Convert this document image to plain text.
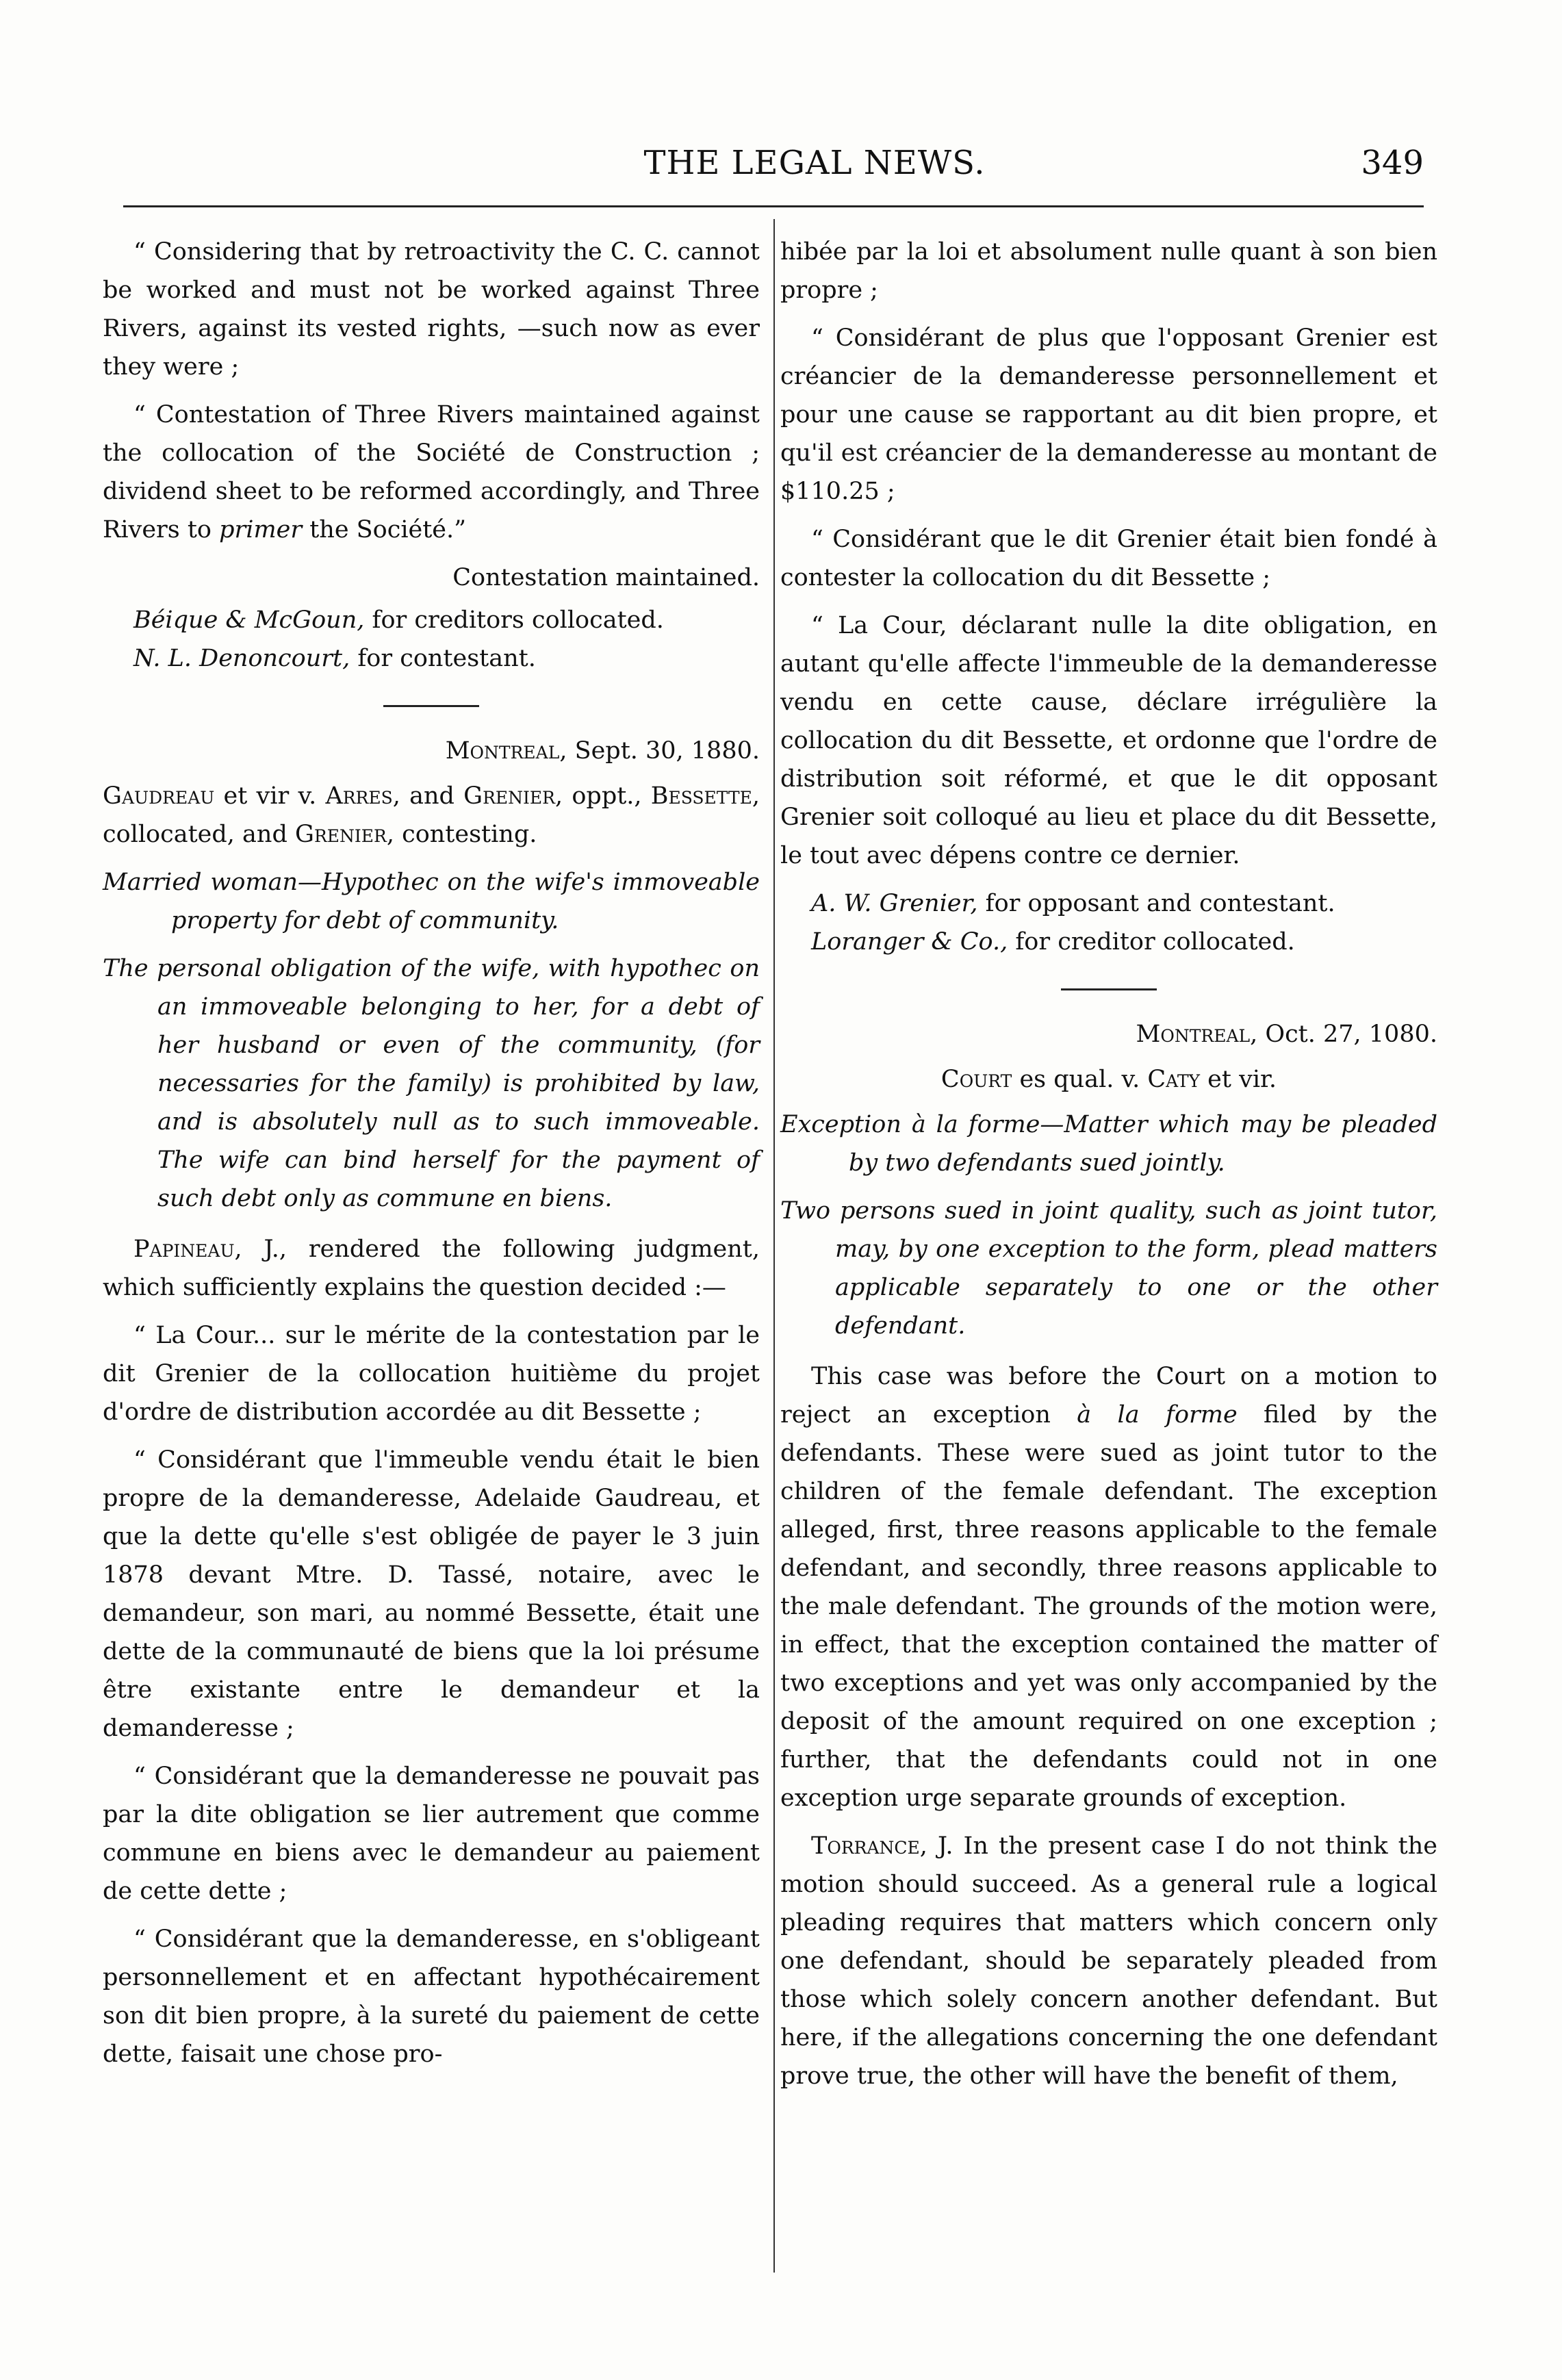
THE LEGAL NEWS.	349

“ Considering that by retroactivity the C. C. cannot be worked and must not be worked against Three Rivers, against its vested rights, —such now as ever they were ;

“ Contestation of Three Rivers maintained against the collocation of the Société de Construction ; dividend sheet to be reformed accordingly, and Three Rivers to primer the Société.”

Contestation maintained.

Béique & McGoun, for creditors collocated.

N. L. Denoncourt, for contestant.

Montreal, Sept. 30, 1880.

Gaudreau et vir v. Arres, and Grenier, oppt., Bessette, collocated, and Grenier, contesting.

Married woman—Hypothec on the wife's immoveable property for debt of community.

The personal obligation of the wife, with hypothec on an immoveable belonging to her, for a debt of her husband or even of the community, (for necessaries for the family) is prohibited by law, and is absolutely null as to such immoveable. The wife can bind herself for the payment of such debt only as commune en biens.

Papineau, J., rendered the following judgment, which sufficiently explains the question decided :—

“ La Cour... sur le mérite de la contestation par le dit Grenier de la collocation huitième du projet d'ordre de distribution accordée au dit Bessette ;

“ Considérant que l'immeuble vendu était le bien propre de la demanderesse, Adelaide Gaudreau, et que la dette qu'elle s'est obligée de payer le 3 juin 1878 devant Mtre. D. Tassé, notaire, avec le demandeur, son mari, au nommé Bessette, était une dette de la communauté de biens que la loi présume être existante entre le demandeur et la demanderesse ;

“ Considérant que la demanderesse ne pouvait pas par la dite obligation se lier autrement que comme commune en biens avec le demandeur au paiement de cette dette ;

“ Considérant que la demanderesse, en s'obligeant personnellement et en affectant hypothécairement son dit bien propre, à la sureté du paiement de cette dette, faisait une chose pro-

hibée par la loi et absolument nulle quant à son bien propre ;

“ Considérant de plus que l'opposant Grenier est créancier de la demanderesse personnellement et pour une cause se rapportant au dit bien propre, et qu'il est créancier de la demanderesse au montant de $110.25 ;

“ Considérant que le dit Grenier était bien fondé à contester la collocation du dit Bessette ;

“ La Cour, déclarant nulle la dite obligation, en autant qu'elle affecte l'immeuble de la demanderesse vendu en cette cause, déclare irrégulière la collocation du dit Bessette, et ordonne que l'ordre de distribution soit réformé, et que le dit opposant Grenier soit colloqué au lieu et place du dit Bessette, le tout avec dépens contre ce dernier.

A. W. Grenier, for opposant and contestant.

Loranger & Co., for creditor collocated.

Montreal, Oct. 27, 1080.

Court es qual. v. Caty et vir.

Exception à la forme—Matter which may be pleaded by two defendants sued jointly.

Two persons sued in joint quality, such as joint tutor, may, by one exception to the form, plead matters applicable separately to one or the other defendant.

This case was before the Court on a motion to reject an exception à la forme filed by the defendants. These were sued as joint tutor to the children of the female defendant. The exception alleged, first, three reasons applicable to the female defendant, and secondly, three reasons applicable to the male defendant. The grounds of the motion were, in effect, that the exception contained the matter of two exceptions and yet was only accompanied by the deposit of the amount required on one exception ; further, that the defendants could not in one exception urge separate grounds of exception.

Torrance, J. In the present case I do not think the motion should succeed. As a general rule a logical pleading requires that matters which concern only one defendant, should be separately pleaded from those which solely concern another defendant. But here, if the allegations concerning the one defendant prove true, the other will have the benefit of them,
